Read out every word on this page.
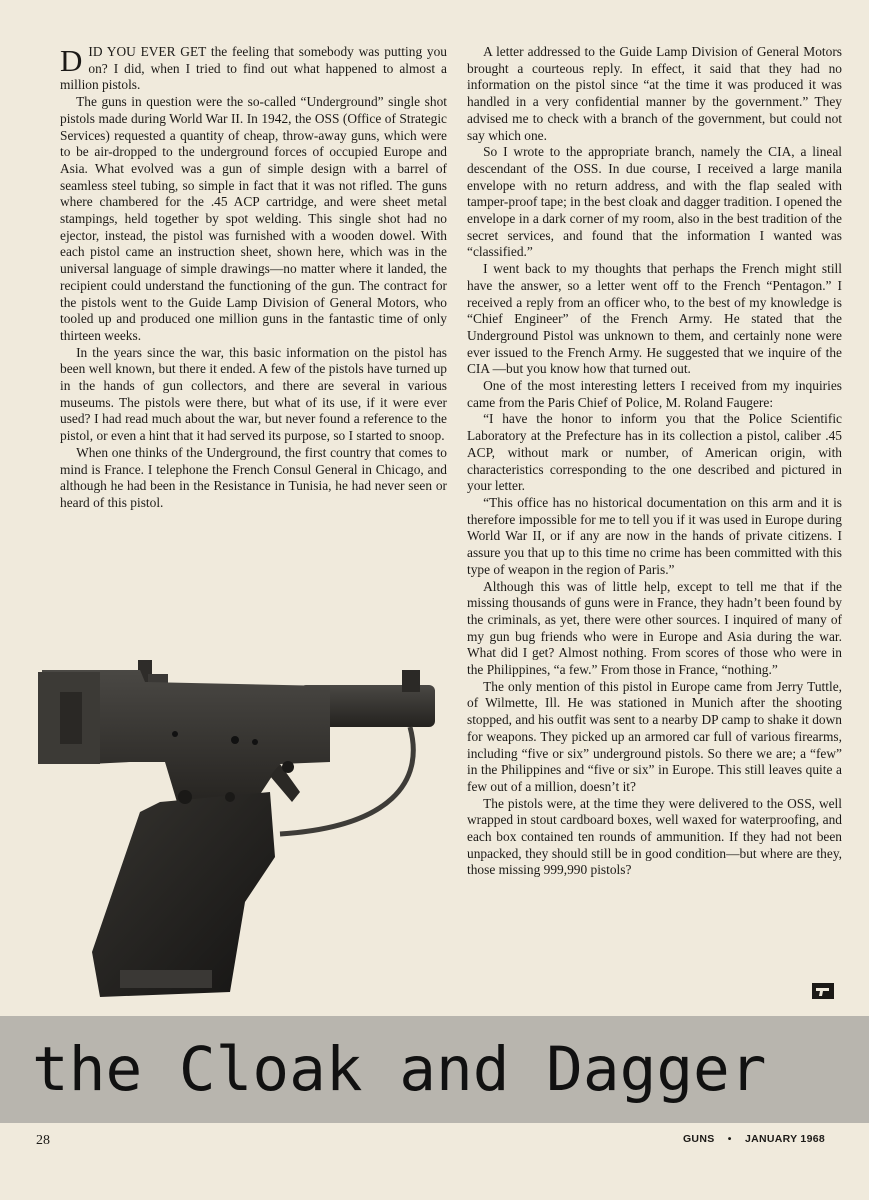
DID YOU EVER GET the feeling that somebody was putting you on? I did, when I tried to find out what happened to almost a million pistols.

The guns in question were the so-called “Underground” single shot pistols made during World War II. In 1942, the OSS (Office of Strategic Services) requested a quantity of cheap, throw-away guns, which were to be air-dropped to the underground forces of occupied Europe and Asia. What evolved was a gun of simple design with a barrel of seamless steel tubing, so simple in fact that it was not rifled. The guns where chambered for the .45 ACP cartridge, and were sheet metal stampings, held together by spot welding. This single shot had no ejector, instead, the pistol was furnished with a wooden dowel. With each pistol came an instruction sheet, shown here, which was in the universal language of simple drawings—no matter where it landed, the recipient could understand the functioning of the gun. The contract for the pistols went to the Guide Lamp Division of General Motors, who tooled up and produced one million guns in the fantastic time of only thirteen weeks.

In the years since the war, this basic information on the pistol has been well known, but there it ended. A few of the pistols have turned up in the hands of gun collectors, and there are several in various museums. The pistols were there, but what of its use, if it were ever used? I had read much about the war, but never found a reference to the pistol, or even a hint that it had served its purpose, so I started to snoop.

When one thinks of the Underground, the first country that comes to mind is France. I telephone the French Consul General in Chicago, and although he had been in the Resistance in Tunisia, he had never seen or heard of this pistol.

A letter addressed to the Guide Lamp Division of General Motors brought a courteous reply. In effect, it said that they had no information on the pistol since “at the time it was produced it was handled in a very confidential manner by the government.” They advised me to check with a branch of the government, but could not say which one.

So I wrote to the appropriate branch, namely the CIA, a lineal descendant of the OSS. In due course, I received a large manila envelope with no return address, and with the flap sealed with tamper-proof tape; in the best cloak and dagger tradition. I opened the envelope in a dark corner of my room, also in the best tradition of the secret services, and found that the information I wanted was “classified.”

I went back to my thoughts that perhaps the French might still have the answer, so a letter went off to the French “Pentagon.” I received a reply from an officer who, to the best of my knowledge is “Chief Engineer” of the French Army. He stated that the Underground Pistol was unknown to them, and certainly none were ever issued to the French Army. He suggested that we inquire of the CIA —but you know how that turned out.

One of the most interesting letters I received from my inquiries came from the Paris Chief of Police, M. Roland Faugere:

“I have the honor to inform you that the Police Scientific Laboratory at the Prefecture has in its collection a pistol, caliber .45 ACP, without mark or number, of American origin, with characteristics corresponding to the one described and pictured in your letter.

“This office has no historical documentation on this arm and it is therefore impossible for me to tell you if it was used in Europe during World War II, or if any are now in the hands of private citizens. I assure you that up to this time no crime has been committed with this type of weapon in the region of Paris.”

Although this was of little help, except to tell me that if the missing thousands of guns were in France, they hadn’t been found by the criminals, as yet, there were other sources. I inquired of many of my gun bug friends who were in Europe and Asia during the war. What did I get? Almost nothing. From scores of those who were in the Philippines, “a few.” From those in France, “nothing.”

The only mention of this pistol in Europe came from Jerry Tuttle, of Wilmette, Ill. He was stationed in Munich after the shooting stopped, and his outfit was sent to a nearby DP camp to shake it down for weapons. They picked up an armored car full of various firearms, including “five or six” underground pistols. So there we are; a “few” in the Philippines and “five or six” in Europe. This still leaves quite a few out of a million, doesn’t it?

The pistols were, at the time they were delivered to the OSS, well wrapped in stout cardboard boxes, well waxed for waterproofing, and each box contained ten rounds of ammunition. If they had not been unpacked, they should still be in good condition—but where are they, those missing 999,990 pistols?

the Cloak and Dagger
28	GUNS • JANUARY 1968
